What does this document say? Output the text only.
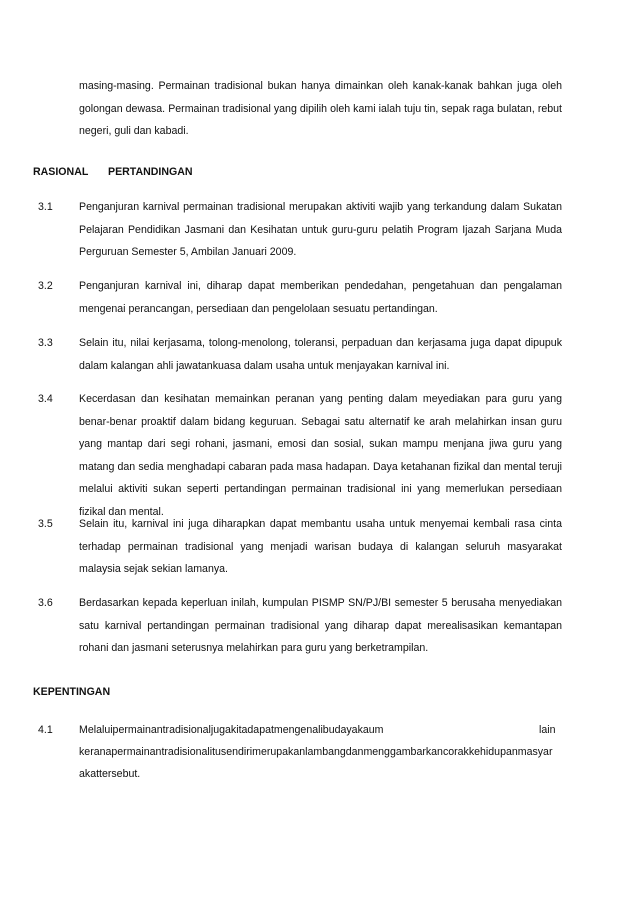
masing-masing. Permainan tradisional bukan hanya dimainkan oleh kanak-kanak bahkan juga oleh golongan dewasa. Permainan tradisional yang dipilih oleh kami ialah tuju tin, sepak raga bulatan, rebut negeri, guli dan kabadi.

RASIONAL PERTANDINGAN
3.1 Penganjuran karnival permainan tradisional merupakan aktiviti wajib yang terkandung dalam Sukatan Pelajaran Pendidikan Jasmani dan Kesihatan untuk guru-guru pelatih Program Ijazah Sarjana Muda Perguruan Semester 5, Ambilan Januari 2009.

3.2 Penganjuran karnival ini, diharap dapat memberikan pendedahan, pengetahuan dan pengalaman mengenai perancangan, persediaan dan pengelolaan sesuatu pertandingan.

3.3 Selain itu, nilai kerjasama, tolong-menolong, toleransi, perpaduan dan kerjasama juga dapat dipupuk dalam kalangan ahli jawatankuasa dalam usaha untuk menjayakan karnival ini.

3.4 Kecerdasan dan kesihatan memainkan peranan yang penting dalam meyediakan para guru yang benar-benar proaktif dalam bidang keguruan. Sebagai satu alternatif ke arah melahirkan insan guru yang mantap dari segi rohani, jasmani, emosi dan sosial, sukan mampu menjana jiwa guru yang matang dan sedia menghadapi cabaran pada masa hadapan. Daya ketahanan fizikal dan mental teruji melalui aktiviti sukan seperti pertandingan permainan tradisional ini yang memerlukan persediaan fizikal dan mental.

3.5 Selain itu, karnival ini juga diharapkan dapat membantu usaha untuk menyemai kembali rasa cinta terhadap permainan tradisional yang menjadi warisan budaya di kalangan seluruh masyarakat malaysia sejak sekian lamanya.

3.6 Berdasarkan kepada keperluan inilah, kumpulan PISMP SN/PJ/BI semester 5 berusaha menyediakan satu karnival pertandingan permainan tradisional yang diharap dapat merealisasikan kemantapan rohani dan jasmani seterusnya melahirkan para guru yang berketrampilan.

KEPENTINGAN
4.1 Melaluipermainantradisionaljugakitadapatmengenalibudayakaum	lain
keranapermainantradisionalitusendirimerupakanlambangdanmenggambarkancorakkehidupanmasyar
akattersebut.
